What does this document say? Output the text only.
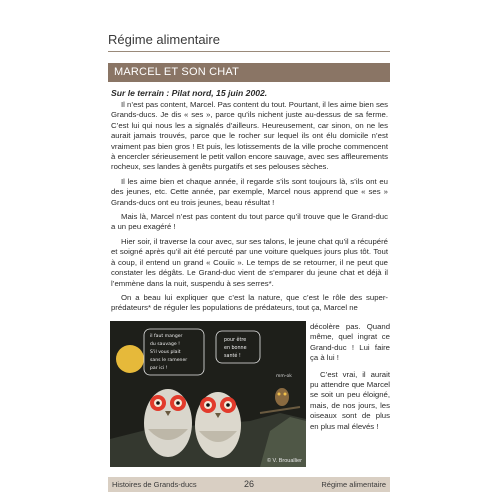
Régime alimentaire
MARCEL ET SON CHAT
Sur le terrain : Pilat nord, 15 juin 2002.

Il n’est pas content, Marcel. Pas content du tout. Pourtant, il les aime bien ses Grands-ducs. Je dis « ses », parce qu’ils nichent juste au-dessus de sa ferme. C’est lui qui nous les a signalés d’ailleurs. Heureusement, car sinon, on ne les aurait jamais trouvés, parce que le rocher sur lequel ils ont élu domicile n’est vraiment pas bien gros ! Et puis, les lotissements de la ville proche commencent à encercler sérieusement le petit vallon encore sauvage, avec ses affleurements rocheux, ses landes à genêts purgatifs et ses pelouses sèches.

Il les aime bien et chaque année, il regarde s’ils sont toujours là, s’ils ont eu des jeunes, etc. Cette année, par exemple, Marcel nous apprend que « ses » Grands-ducs ont eu trois jeunes, beau résultat !

Mais là, Marcel n’est pas content du tout parce qu’il trouve que le Grand-duc a un peu exagéré !

Hier soir, il traverse la cour avec, sur ses talons, le jeune chat qu’il a récupéré et soigné après qu’il ait été percuté par une voiture quelques jours plus tôt. Tout à coup, il entend un grand « Couiic ». Le temps de se retourner, il ne peut que constater les dégâts. Le Grand-duc vient de s’emparer du jeune chat et déjà il l’emmène dans la nuit, suspendu à ses serres*.

On a beau lui expliquer que c’est la nature, que c’est le rôle des super-prédateurs* de réguler les populations de prédateurs, tout ça, Marcel ne

mm-ok
il faut manger du sauvage ! S'il vous plait sans le ramener par ici !
pour être en bonne santé !
© V. Brouallier

décolère pas. Quand même, quel ingrat ce Grand-duc ! Lui faire ça à lui !

C’est vrai, il aurait pu attendre que Marcel se soit un peu éloigné, mais, de nos jours, les oiseaux sont de plus en plus mal élevés !

Histoires de Grands-ducs	26	Régime alimentaire
